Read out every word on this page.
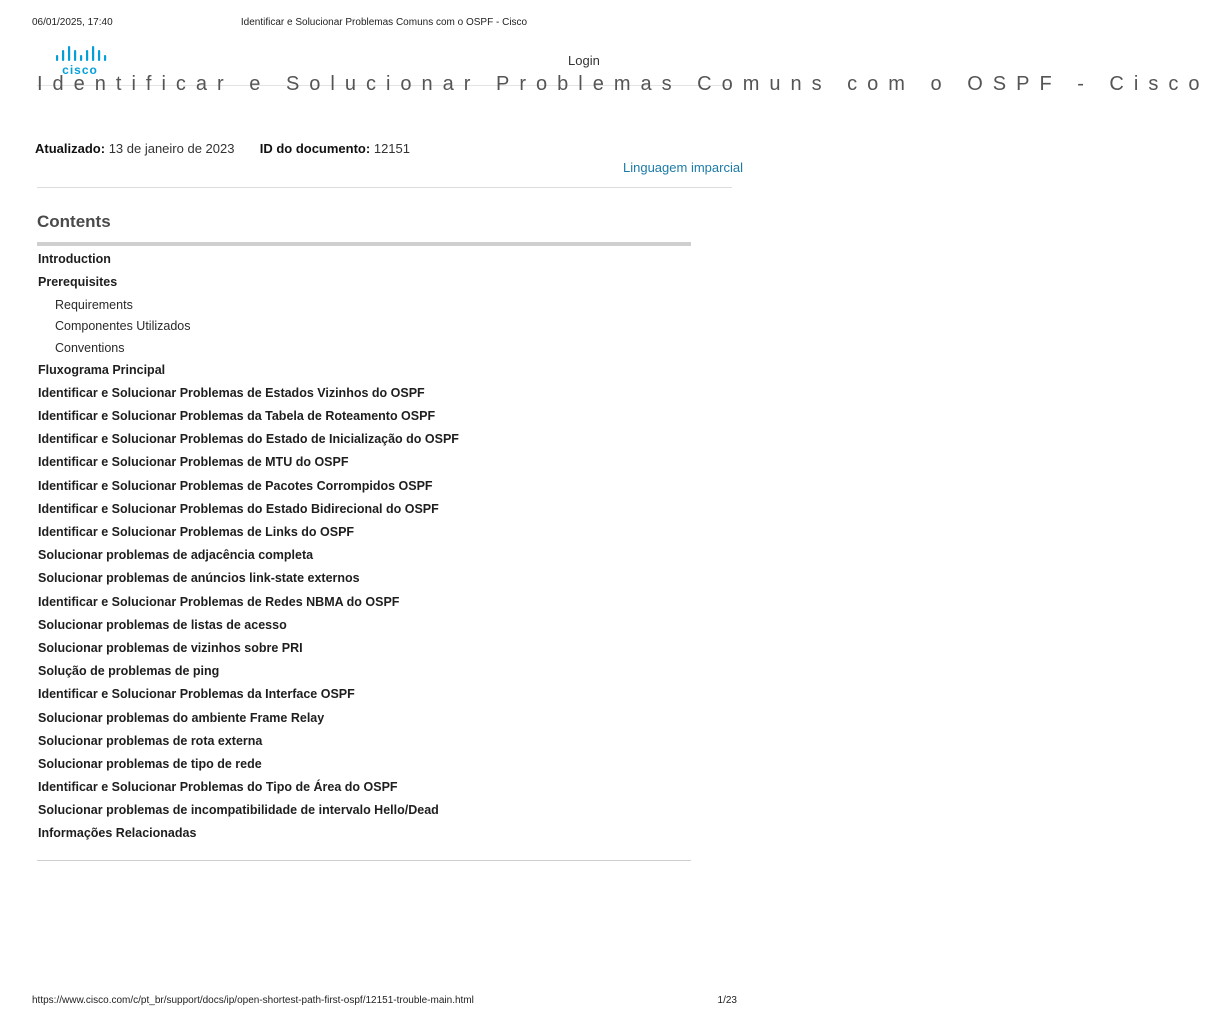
06/01/2025, 17:40	Identificar e Solucionar Problemas Comuns com o OSPF - Cisco
cisco
Login
Identificar e Solucionar Problemas Comuns com o OSPF - Cisco
Atualizado: 13 de janeiro de 2023 ID do documento: 12151
Linguagem imparcial
Contents
Introduction
Prerequisites
Requirements
Componentes Utilizados
Conventions
Fluxograma Principal
Identificar e Solucionar Problemas de Estados Vizinhos do OSPF
Identificar e Solucionar Problemas da Tabela de Roteamento OSPF
Identificar e Solucionar Problemas do Estado de Inicialização do OSPF
Identificar e Solucionar Problemas de MTU do OSPF
Identificar e Solucionar Problemas de Pacotes Corrompidos OSPF
Identificar e Solucionar Problemas do Estado Bidirecional do OSPF
Identificar e Solucionar Problemas de Links do OSPF
Solucionar problemas de adjacência completa
Solucionar problemas de anúncios link-state externos
Identificar e Solucionar Problemas de Redes NBMA do OSPF
Solucionar problemas de listas de acesso
Solucionar problemas de vizinhos sobre PRI
Solução de problemas de ping
Identificar e Solucionar Problemas da Interface OSPF
Solucionar problemas do ambiente Frame Relay
Solucionar problemas de rota externa
Solucionar problemas de tipo de rede
Identificar e Solucionar Problemas do Tipo de Área do OSPF
Solucionar problemas de incompatibilidade de intervalo Hello/Dead
Informações Relacionadas
https://www.cisco.com/c/pt_br/support/docs/ip/open-shortest-path-first-ospf/12151-trouble-main.html	1/23
